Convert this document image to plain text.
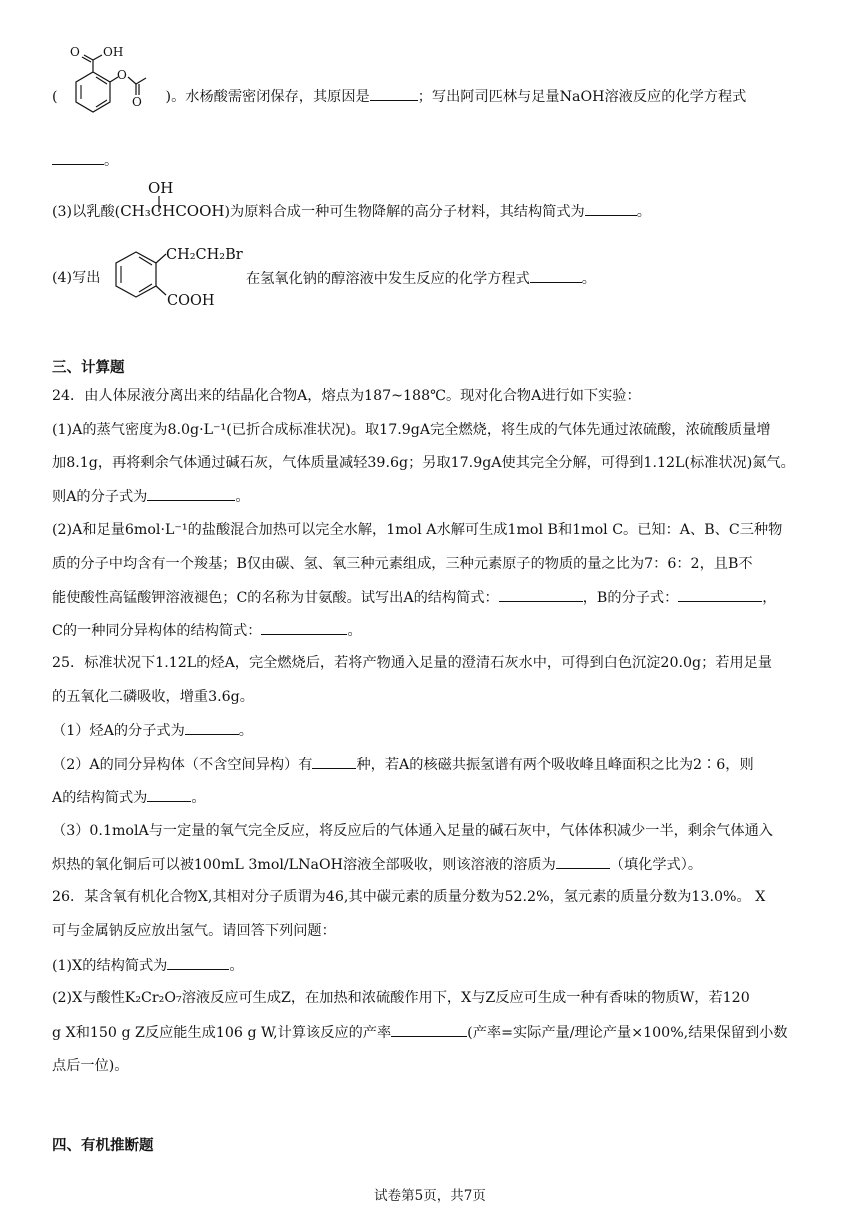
O OH
O
O
(	)。水杨酸需密闭保存，其原因是	；写出阿司匹林与足量NaOH溶液反应的化学方程式
。
OH
(3)以乳酸(CH₃CHCOOH)为原料合成一种可生物降解的高分子材料，其结构简式为	。
CH₂CH₂Br
COOH
(4)写出	在氢氧化钠的醇溶液中发生反应的化学方程式	。
三、计算题
24．由人体尿液分离出来的结晶化合物A，熔点为187~188℃。现对化合物A进行如下实验：
(1)A的蒸气密度为8.0g·L⁻¹(已折合成标准状况)。取17.9gA完全燃烧，将生成的气体先通过浓硫酸，浓硫酸质量增
加8.1g，再将剩余气体通过碱石灰，气体质量减轻39.6g；另取17.9gA使其完全分解，可得到1.12L(标准状况)氮气。
则A的分子式为	。
(2)A和足量6mol·L⁻¹的盐酸混合加热可以完全水解，1mol A水解可生成1mol B和1mol C。已知：A、B、C三种物
质的分子中均含有一个羧基；B仅由碳、氢、氧三种元素组成，三种元素原子的物质的量之比为7：6：2，且B不
能使酸性高锰酸钾溶液褪色；C的名称为甘氨酸。试写出A的结构简式：	，B的分子式：	，
C的一种同分异构体的结构简式：	。
25．标准状况下1.12L的烃A，完全燃烧后，若将产物通入足量的澄清石灰水中，可得到白色沉淀20.0g；若用足量
的五氧化二磷吸收，增重3.6g。
（1）烃A的分子式为	。
（2）A的同分异构体（不含空间异构）有	种，若A的核磁共振氢谱有两个吸收峰且峰面积之比为2∶6，则
A的结构简式为	。
（3）0.1molA与一定量的氧气完全反应，将反应后的气体通入足量的碱石灰中，气体体积减少一半，剩余气体通入
炽热的氧化铜后可以被100mL 3mol/LNaOH溶液全部吸收，则该溶液的溶质为	（填化学式）。
26．某含氧有机化合物X,其相对分子质谓为46,其中碳元素的质量分数为52.2%，氢元素的质量分数为13.0%。 X
可与金属钠反应放出氢气。请回答下列问题：
(1)X的结构简式为	。
(2)X与酸性K₂Cr₂O₇溶液反应可生成Z，在加热和浓硫酸作用下，X与Z反应可生成一种有香味的物质W，若120
g X和150 g Z反应能生成106 g W,计算该反应的产率	(产率=实际产量/理论产量×100%,结果保留到小数
点后一位)。
四、有机推断题
试卷第5页，共7页
